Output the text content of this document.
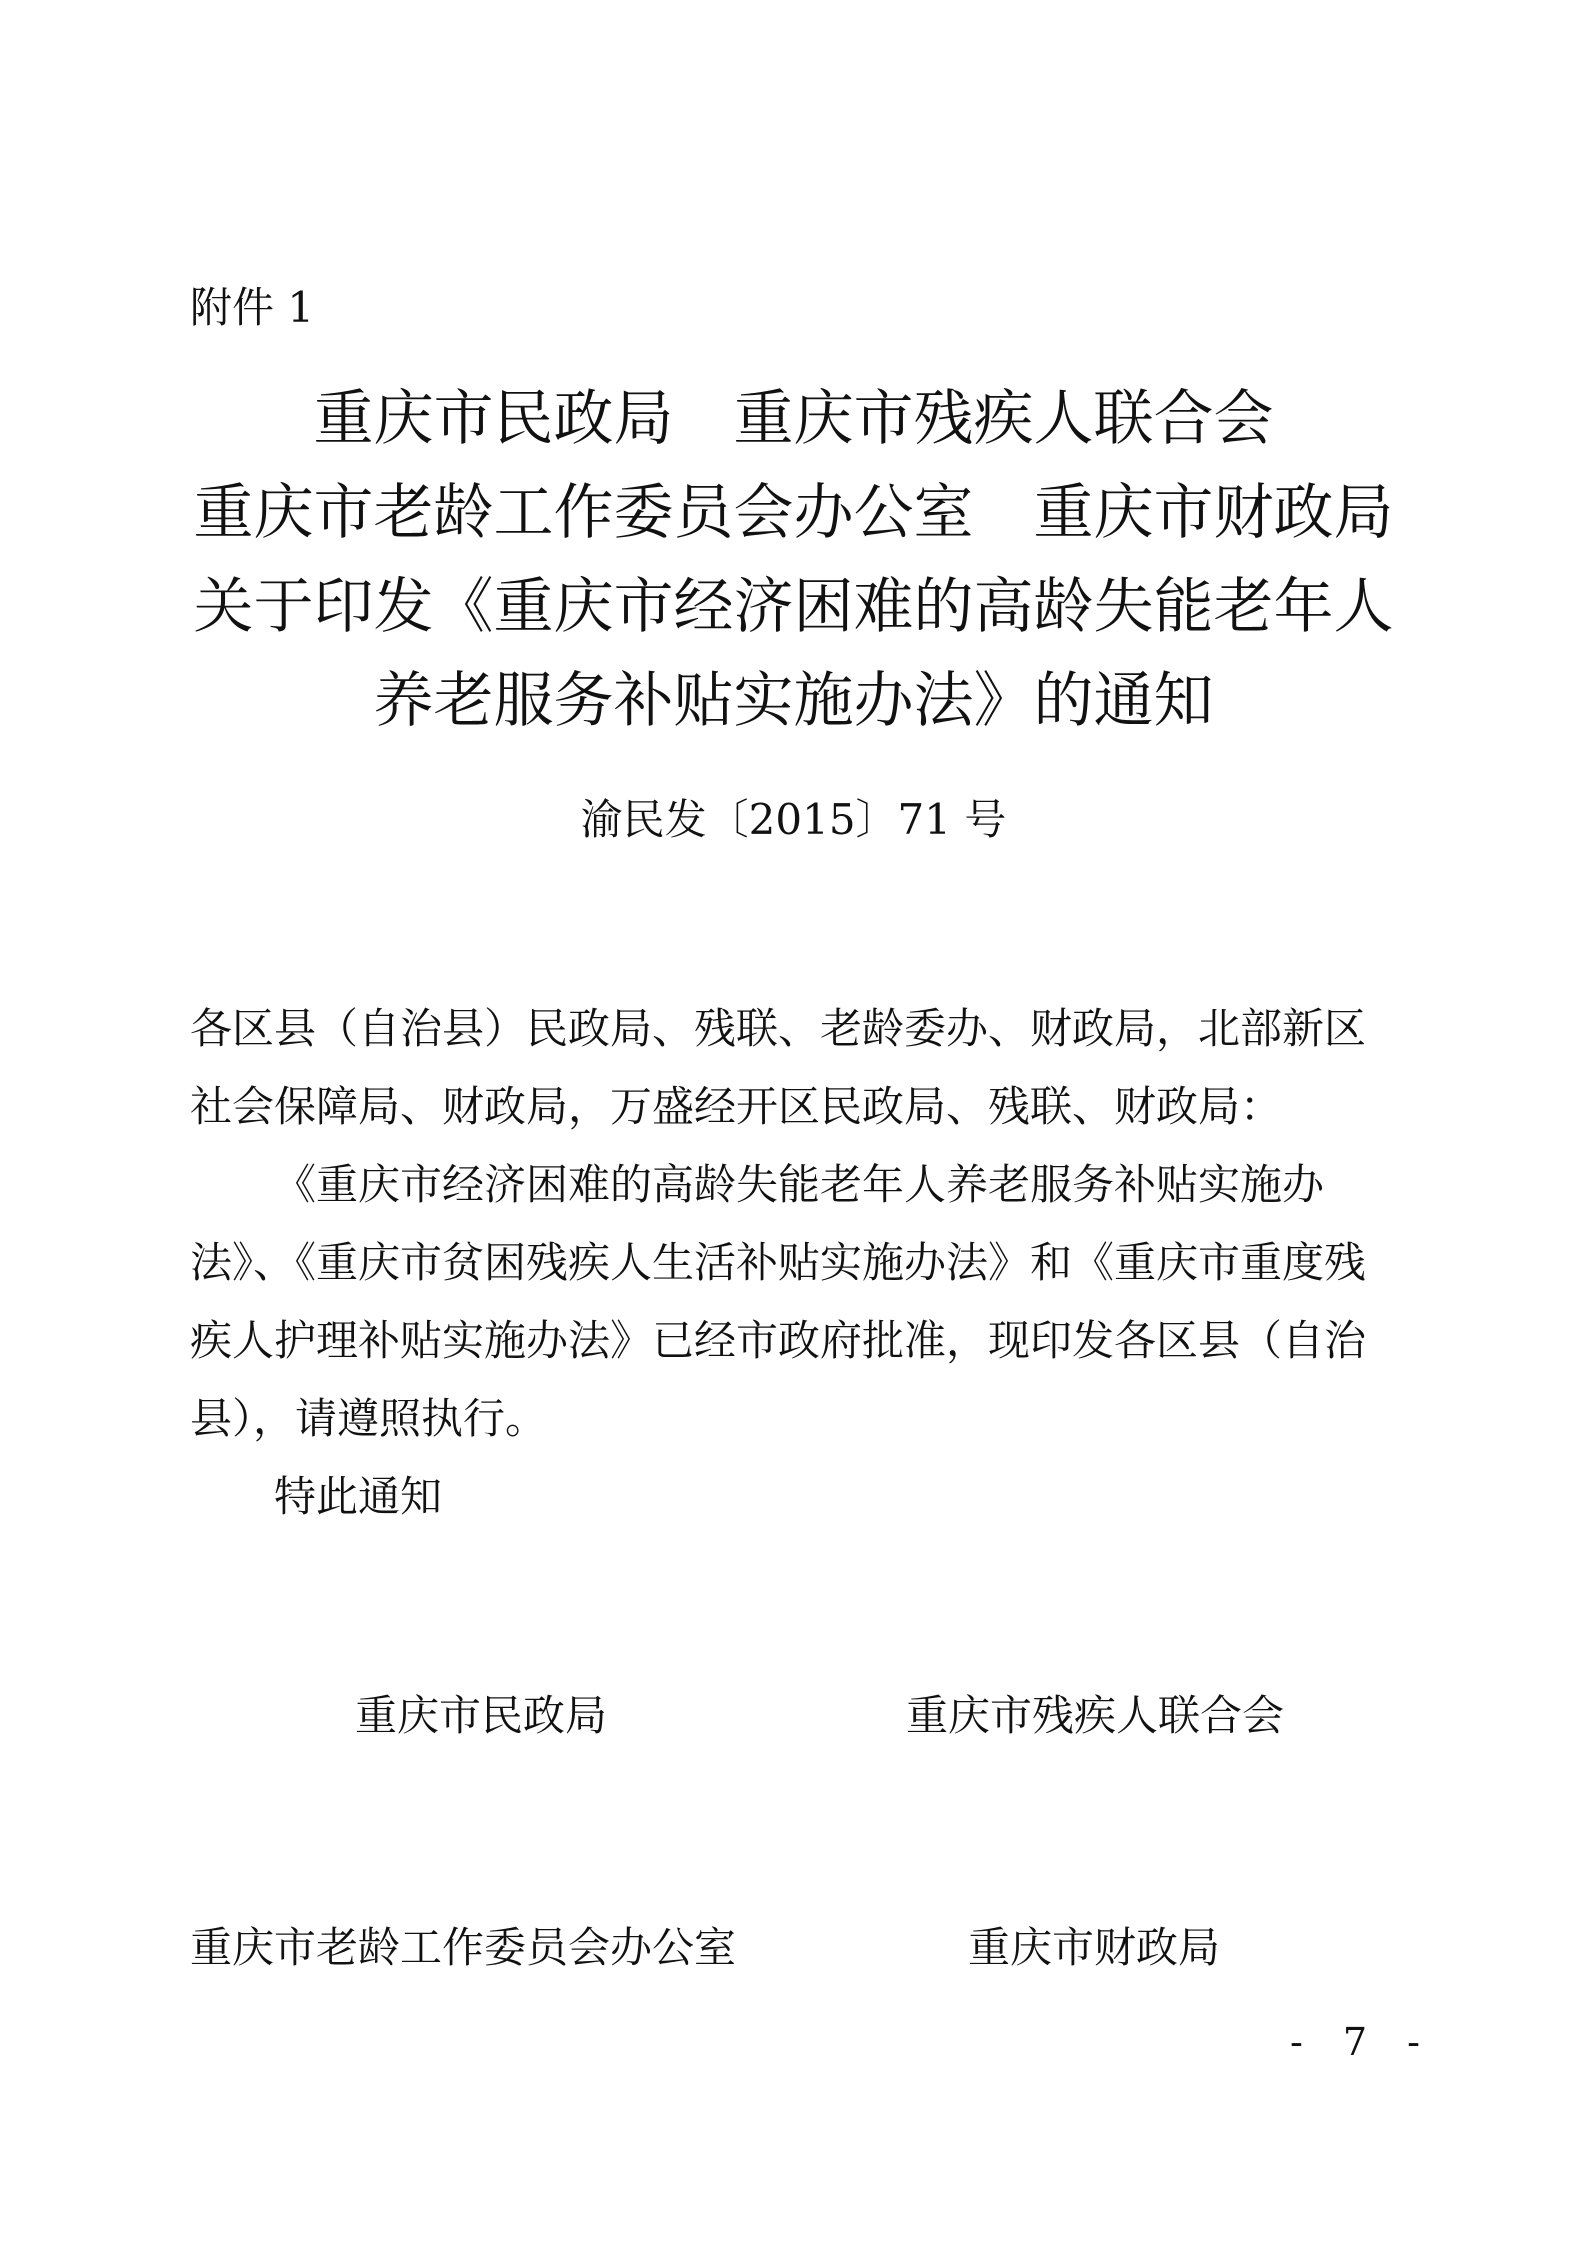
附件 1
重庆市民政局　重庆市残疾人联合会
重庆市老龄工作委员会办公室　重庆市财政局
关于印发《重庆市经济困难的高龄失能老年人
养老服务补贴实施办法》的通知
渝民发〔2015〕71 号
各区县（自治县）民政局、残联、老龄委办、财政局，北部新区
社会保障局、财政局，万盛经开区民政局、残联、财政局：
《重庆市经济困难的高龄失能老年人养老服务补贴实施办
法》、《重庆市贫困残疾人生活补贴实施办法》和《重庆市重度残
疾人护理补贴实施办法》已经市政府批准，现印发各区县（自治
县），请遵照执行。
特此通知
重庆市民政局	重庆市残疾人联合会
重庆市老龄工作委员会办公室	重庆市财政局
- 7 -
